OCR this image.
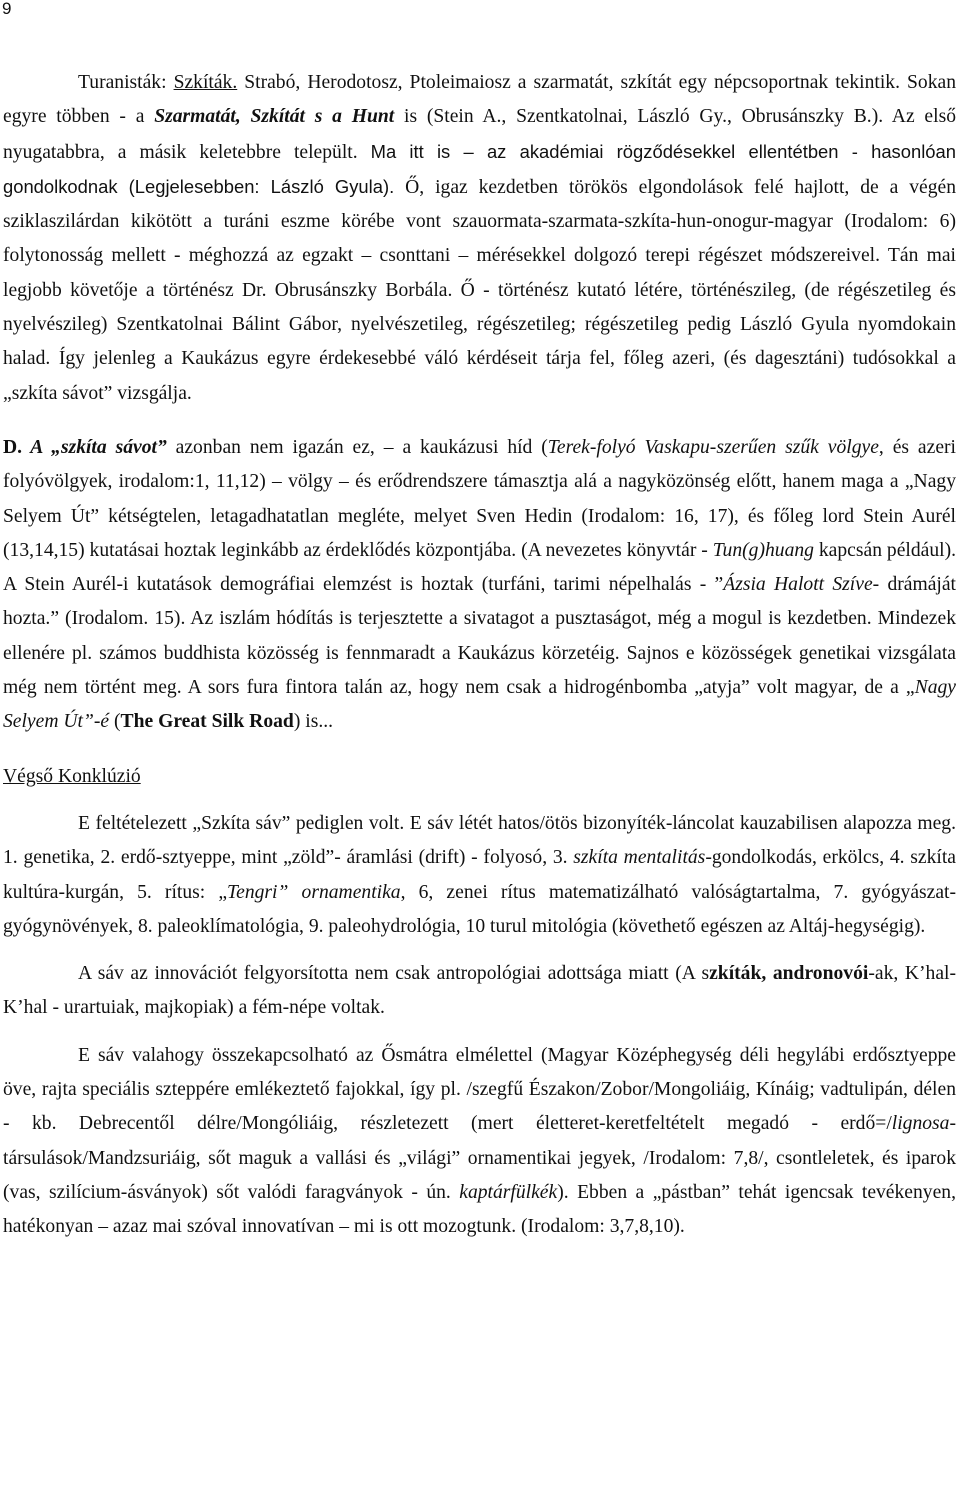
9

Turanisták: Szkíták. Strabó, Herodotosz, Ptoleimaiosz a szarmatát, szkítát egy népcsoportnak tekintik. Sokan egyre többen - a Szarmatát, Szkítát s a Hunt is (Stein A., Szentkatolnai, László Gy., Obrusánszky B.). Az első nyugatabbra, a másik keletebbre települt. Ma itt is – az akadémiai rögződésekkel ellentétben - hasonlóan gondolkodnak (Legjelesebben: László Gyula). Ő, igaz kezdetben törökös elgondolások felé hajlott, de a végén sziklaszilárdan kikötött a turáni eszme körébe vont szauormata-szarmata-szkíta-hun-onogur-magyar (Irodalom: 6) folytonosság mellett - méghozzá az egzakt – csonttani – mérésekkel dolgozó terepi régészet módszereivel. Tán mai legjobb követője a történész Dr. Obrusánszky Borbála. Ő - történész kutató létére, történészileg, (de régészetileg és nyelvészileg) Szentkatolnai Bálint Gábor, nyelvészetileg, régészetileg; régészetileg pedig László Gyula nyomdokain halad. Így jelenleg a Kaukázus egyre érdekesebbé váló kérdéseit tárja fel, főleg azeri, (és dagesztáni) tudósokkal a „szkíta sávot” vizsgálja.

D. A „szkíta sávot” azonban nem igazán ez, – a kaukázusi híd (Terek-folyó Vaskapu-szerűen szűk völgye, és azeri folyóvölgyek, irodalom:1, 11,12) – völgy – és erődrendszere támasztja alá a nagyközönség előtt, hanem maga a „Nagy Selyem Út” kétségtelen, letagadhatatlan megléte, melyet Sven Hedin (Irodalom: 16, 17), és főleg lord Stein Aurél (13,14,15) kutatásai hoztak leginkább az érdeklődés központjába. (A nevezetes könyvtár - Tun(g)huang kapcsán például). A Stein Aurél-i kutatások demográfiai elemzést is hoztak (turfáni, tarimi népelhalás - ”Ázsia Halott Szíve- drámáját hozta.” (Irodalom. 15). Az iszlám hódítás is terjesztette a sivatagot a pusztaságot, még a mogul is kezdetben. Mindezek ellenére pl. számos buddhista közösség is fennmaradt a Kaukázus körzetéig. Sajnos e közösségek genetikai vizsgálata még nem történt meg. A sors fura fintora talán az, hogy nem csak a hidrogénbomba „atyja” volt magyar, de a „Nagy Selyem Út”-é (The Great Silk Road) is...

Végső Konklúzió

E feltételezett „Szkíta sáv” pediglen volt. E sáv létét hatos/ötös bizonyíték-láncolat kauzabilisen alapozza meg. 1. genetika, 2. erdő-sztyeppe, mint „zöld”- áramlási (drift) - folyosó, 3. szkíta mentalitás-gondolkodás, erkölcs, 4. szkíta kultúra-kurgán, 5. rítus: „Tengri” ornamentika, 6, zenei rítus matematizálható valóságtartalma, 7. gyógyászat-gyógynövények, 8. paleoklímatológia, 9. paleohydrológia, 10 turul mitológia (követhető egészen az Altáj-hegységig).

A sáv az innovációt felgyorsította nem csak antropológiai adottsága miatt (A szkíták, andronovói-ak, K’hal-K’hal - urartuiak, majkopiak) a fém-népe voltak.

E sáv valahogy összekapcsolható az Ősmátra elmélettel (Magyar Középhegység déli hegylábi erdősztyeppe öve, rajta speciális szteppére emlékeztető fajokkal, így pl. /szegfű Északon/Zobor/Mongoliáig, Kínáig; vadtulipán, délen - kb. Debrecentől délre/Mongóliáig, részletezett (mert életteret-keretfeltételt megadó - erdő=/lignosa-társulások/Mandzsuriáig, sőt maguk a vallási és „világi” ornamentikai jegyek, /Irodalom: 7,8/, csontleletek, és iparok (vas, szilícium-ásványok) sőt valódi faragványok - ún. kaptárfülkék). Ebben a „pástban” tehát igencsak tevékenyen, hatékonyan – azaz mai szóval innovatívan – mi is ott mozogtunk. (Irodalom: 3,7,8,10).
